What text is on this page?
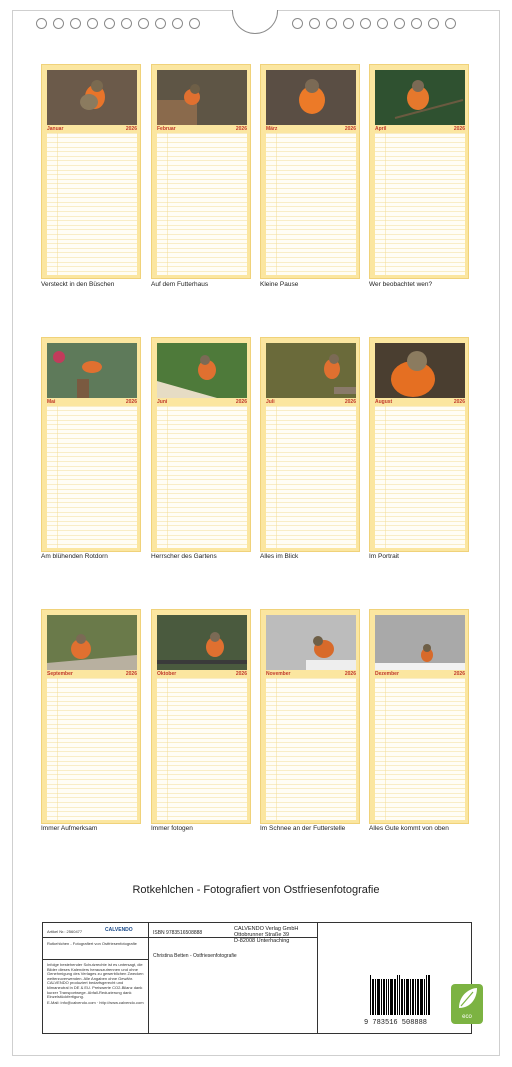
Januar	2026	Februar	2026	März	2026	April	2026
Versteckt in den Büschen	Auf dem Futterhaus	Kleine Pause	Wer beobachtet wen?
Mai	2026	Juni	2026	Juli	2026	August	2026
Am blühenden Rotdorn	Herrscher des Gartens	Alles im Blick	Im Portrait
September	2026	Oktober	2026	November	2026	Dezember	2026
Immer Aufmerksam	Immer fotogen	Im Schnee an der Futterstelle	Alles Gute kommt von oben
Rotkehlchen - Fotografiert von Ostfriesenfotografie
Artikel Nr.: 2560477	CALVENDO
Rotkehlchen - Fotografiert von Ostfriesenfotografie
Infolge bestehender Schutzrechte ist es untersagt, die Bilder dieses Kalenders herauszutrennen und ohne Genehmigung des Verlages zu gewerblichen Zwecken weiterzuverwenden. Alle Angaben ohne Gewähr. CALVENDO produziert bedarfsgerecht und klimaneutral in DE & EU. Preiswerte CO2-Bilanz dank kurzer Transportwege. Abfall-Reduzierung dank Einzelstückfertigung.
E-Mail: info@calvendo.com · http://www.calvendo.com
ISBN 9783516508888
Christina Betten - Ostfriesenfotografie
CALVENDO Verlag GmbH
Ottobrunner Straße 39
D-82008 Unterhaching
9 783516 508888
eco
